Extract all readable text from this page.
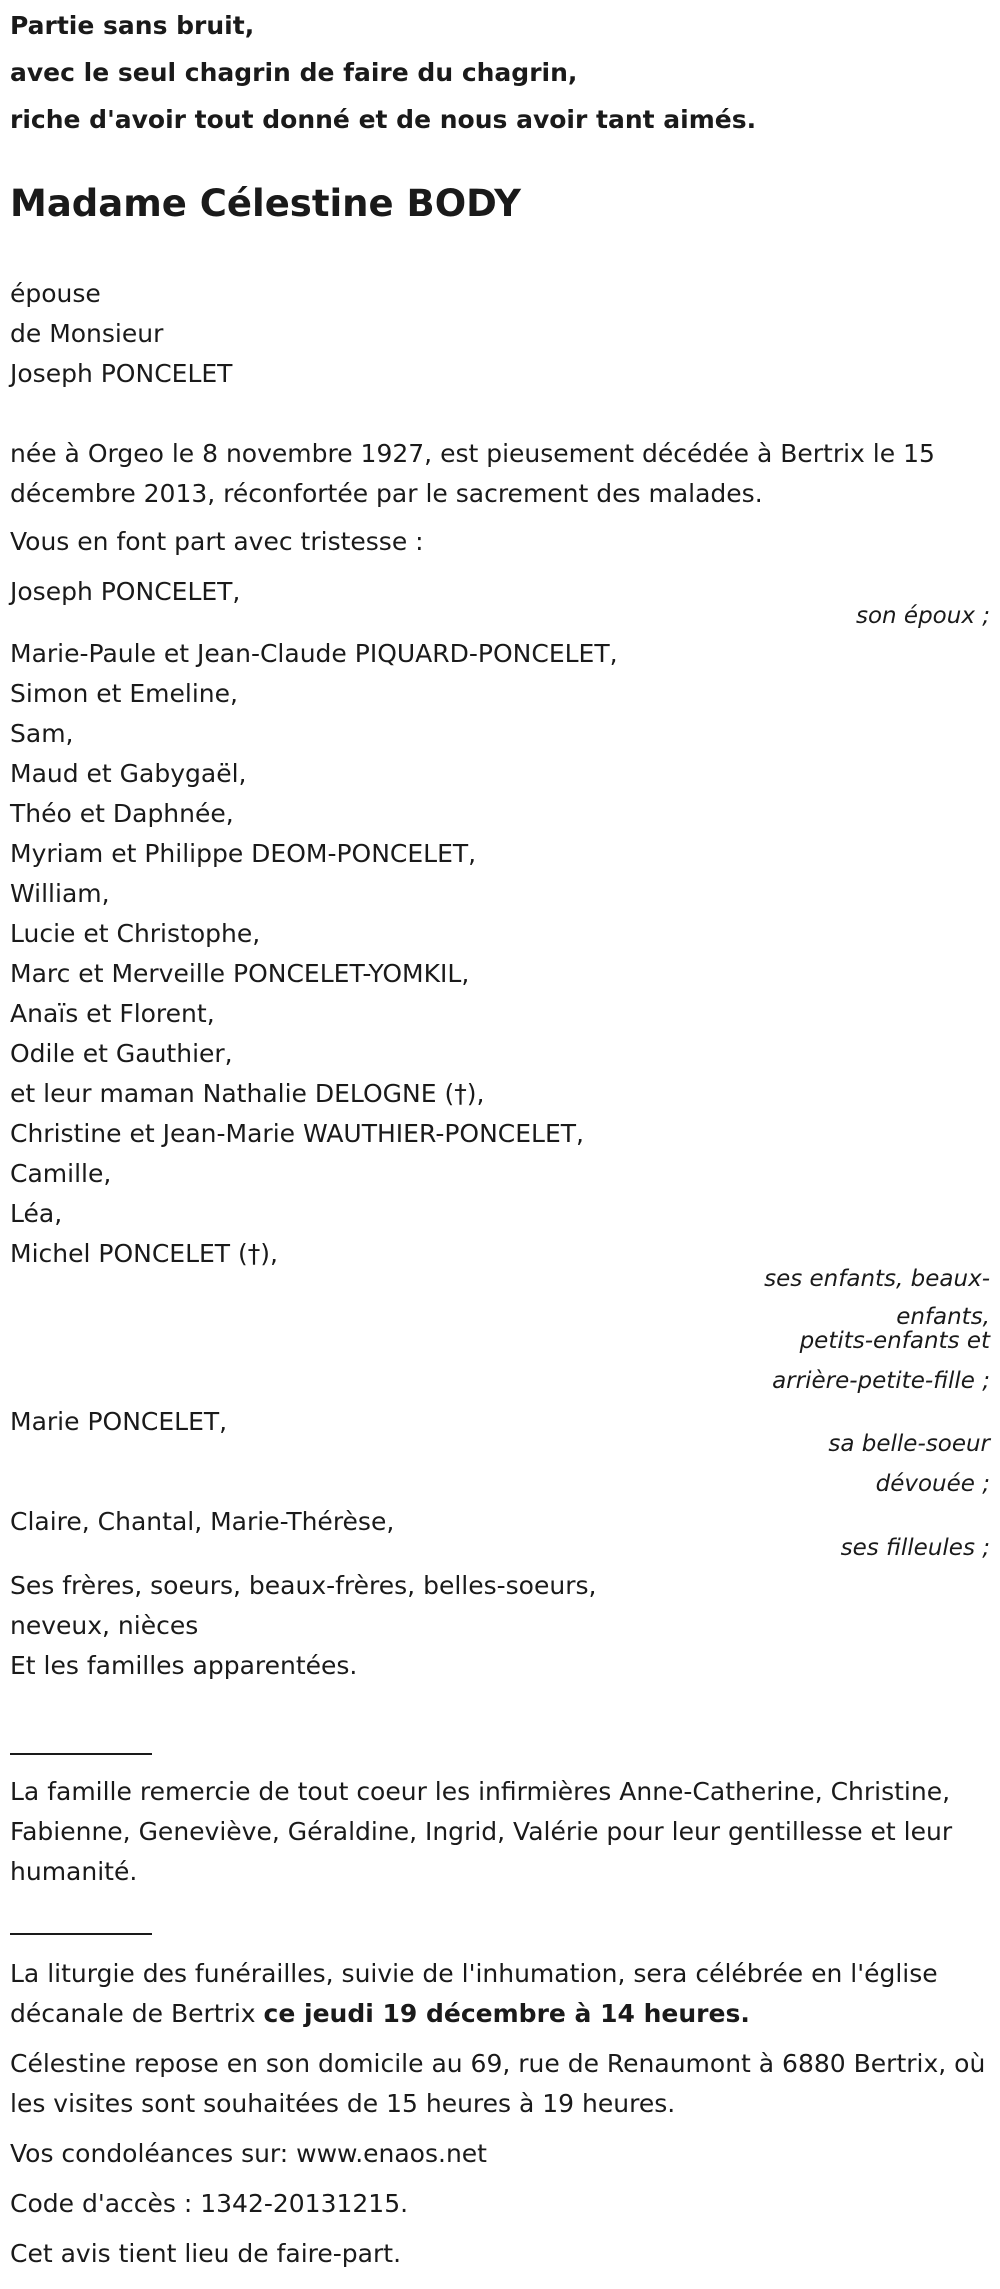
Partie sans bruit,
avec le seul chagrin de faire du chagrin,
riche d'avoir tout donné et de nous avoir tant aimés.
Madame Célestine BODY
épouse
de Monsieur
Joseph PONCELET
née à Orgeo le 8 novembre 1927, est pieusement décédée à Bertrix le 15 décembre 2013, réconfortée par le sacrement des malades.
Vous en font part avec tristesse :
Joseph PONCELET,
son époux ;
Marie-Paule et Jean-Claude PIQUARD-PONCELET,
Simon et Emeline,
Sam,
Maud et Gabygaël,
Théo et Daphnée,
Myriam et Philippe DEOM-PONCELET,
William,
Lucie et Christophe,
Marc et Merveille PONCELET-YOMKIL,
Anaïs et Florent,
Odile et Gauthier,
et leur maman Nathalie DELOGNE (†),
Christine et Jean-Marie WAUTHIER-PONCELET,
Camille,
Léa,
Michel PONCELET (†),
ses enfants, beaux-
enfants,
petits-enfants et
arrière-petite-fille ;
Marie PONCELET,
sa belle-soeur
dévouée ;
Claire, Chantal, Marie-Thérèse,
ses filleules ;
Ses frères, soeurs, beaux-frères, belles-soeurs,
neveux, nièces
Et les familles apparentées.
La famille remercie de tout coeur les infirmières Anne-Catherine, Christine, Fabienne, Geneviève, Géraldine, Ingrid, Valérie pour leur gentillesse et leur humanité.
La liturgie des funérailles, suivie de l'inhumation, sera célébrée en l'église décanale de Bertrix ce jeudi 19 décembre à 14 heures.
Célestine repose en son domicile au 69, rue de Renaumont à 6880 Bertrix, où les visites sont souhaitées de 15 heures à 19 heures.
Vos condoléances sur: www.enaos.net
Code d'accès : 1342-20131215.
Cet avis tient lieu de faire-part.
